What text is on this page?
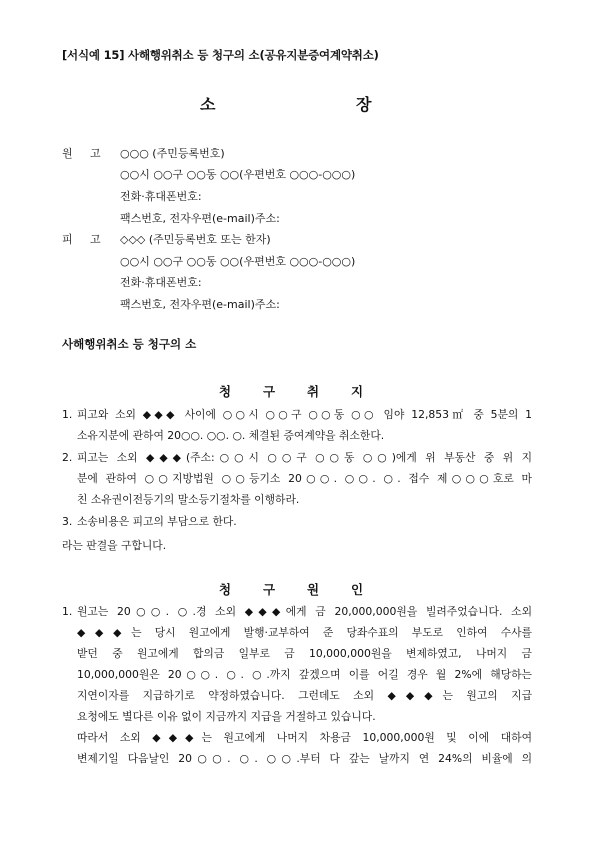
[서식예 15] 사해행위취소 등 청구의 소(공유지분증여계약취소)
소	장
원 고 ○○○ (주민등록번호)
○○시 ○○구 ○○동 ○○(우편번호 ○○○-○○○)
전화·휴대폰번호:
팩스번호, 전자우편(e-mail)주소:
피 고 ◇◇◇ (주민등록번호 또는 한자)
○○시 ○○구 ○○동 ○○(우편번호 ○○○-○○○)
전화·휴대폰번호:
팩스번호, 전자우편(e-mail)주소:
사해행위취소 등 청구의 소
청	구	취	지
1. 피고와 소외 ◆◆◆ 사이에 ○○시 ○○구 ○○동 ○○ 임야 12,853㎡ 중 5분의 1
소유지분에 관하여 20○○. ○○. ○. 체결된 증여계약을 취소한다.
2. 피고는 소외 ◆◆◆(주소:○○시 ○○구 ○○동 ○○)에게 위 부동산 중 위 지
분에 관하여 ○○지방법원 ○○등기소 20○○. ○○. ○. 접수 제○○○호로 마
친 소유권이전등기의 말소등기절차를 이행하라.
3. 소송비용은 피고의 부담으로 한다.
라는 판결을 구합니다.
청	구	원	인
1. 원고는 20○○. ○.경 소외 ◆◆◆에게 금 20,000,000원을 빌려주었습니다. 소외
◆◆◆는 당시 원고에게 발행·교부하여 준 당좌수표의 부도로 인하여 수사를
받던 중 원고에게 합의금 일부로 금 10,000,000원을 변제하였고, 나머지 금
10,000,000원은 20○○. ○. ○.까지 갚겠으며 이를 어길 경우 월 2%에 해당하는
지연이자를 지급하기로 약정하였습니다. 그런데도 소외 ◆◆◆는 원고의 지급
요청에도 별다른 이유 없이 지금까지 지급을 거절하고 있습니다.
따라서 소외 ◆◆◆는 원고에게 나머지 차용금 10,000,000원 및 이에 대하여
변제기일 다음날인 20○○. ○. ○○.부터 다 갚는 날까지 연 24%의 비율에 의
